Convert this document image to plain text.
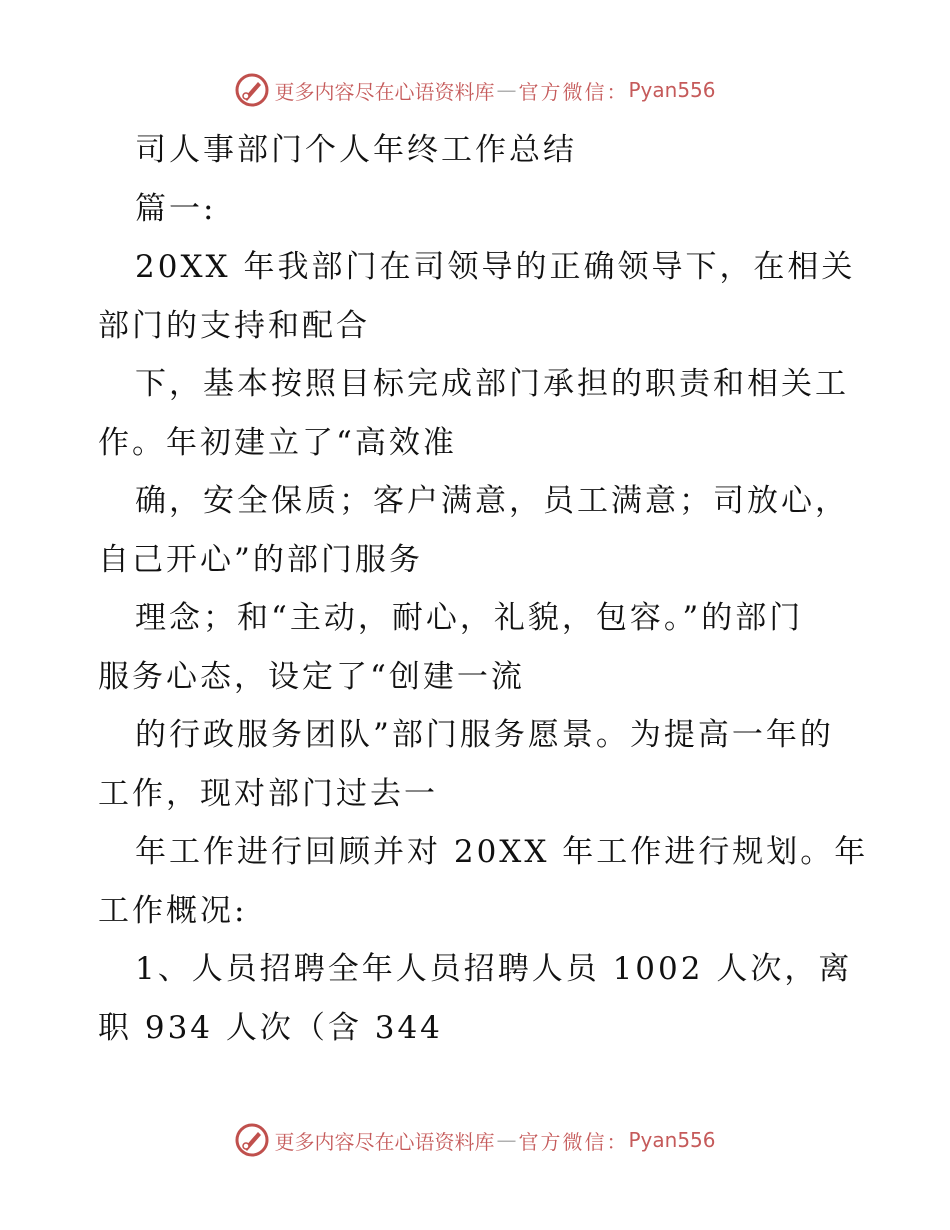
更多内容尽在心语资料库 — 官方微信： Pyan556
司人事部门个人年终工作总结
篇一:
20XX 年我部门在司领导的正确领导下，在相关
部门的支持和配合
下，基本按照目标完成部门承担的职责和相关工
作。年初建立了“高效准
确，安全保质；客户满意，员工满意；司放心，
自己开心”的部门服务
理念；和“主动，耐心，礼貌，包容。”的部门
服务心态，设定了“创建一流
的行政服务团队”部门服务愿景。为提高一年的
工作，现对部门过去一
年工作进行回顾并对 20XX 年工作进行规划。年
工作概况:
1、人员招聘全年人员招聘人员 1002 人次，离
职 934 人次（含 344
更多内容尽在心语资料库 — 官方微信： Pyan556
